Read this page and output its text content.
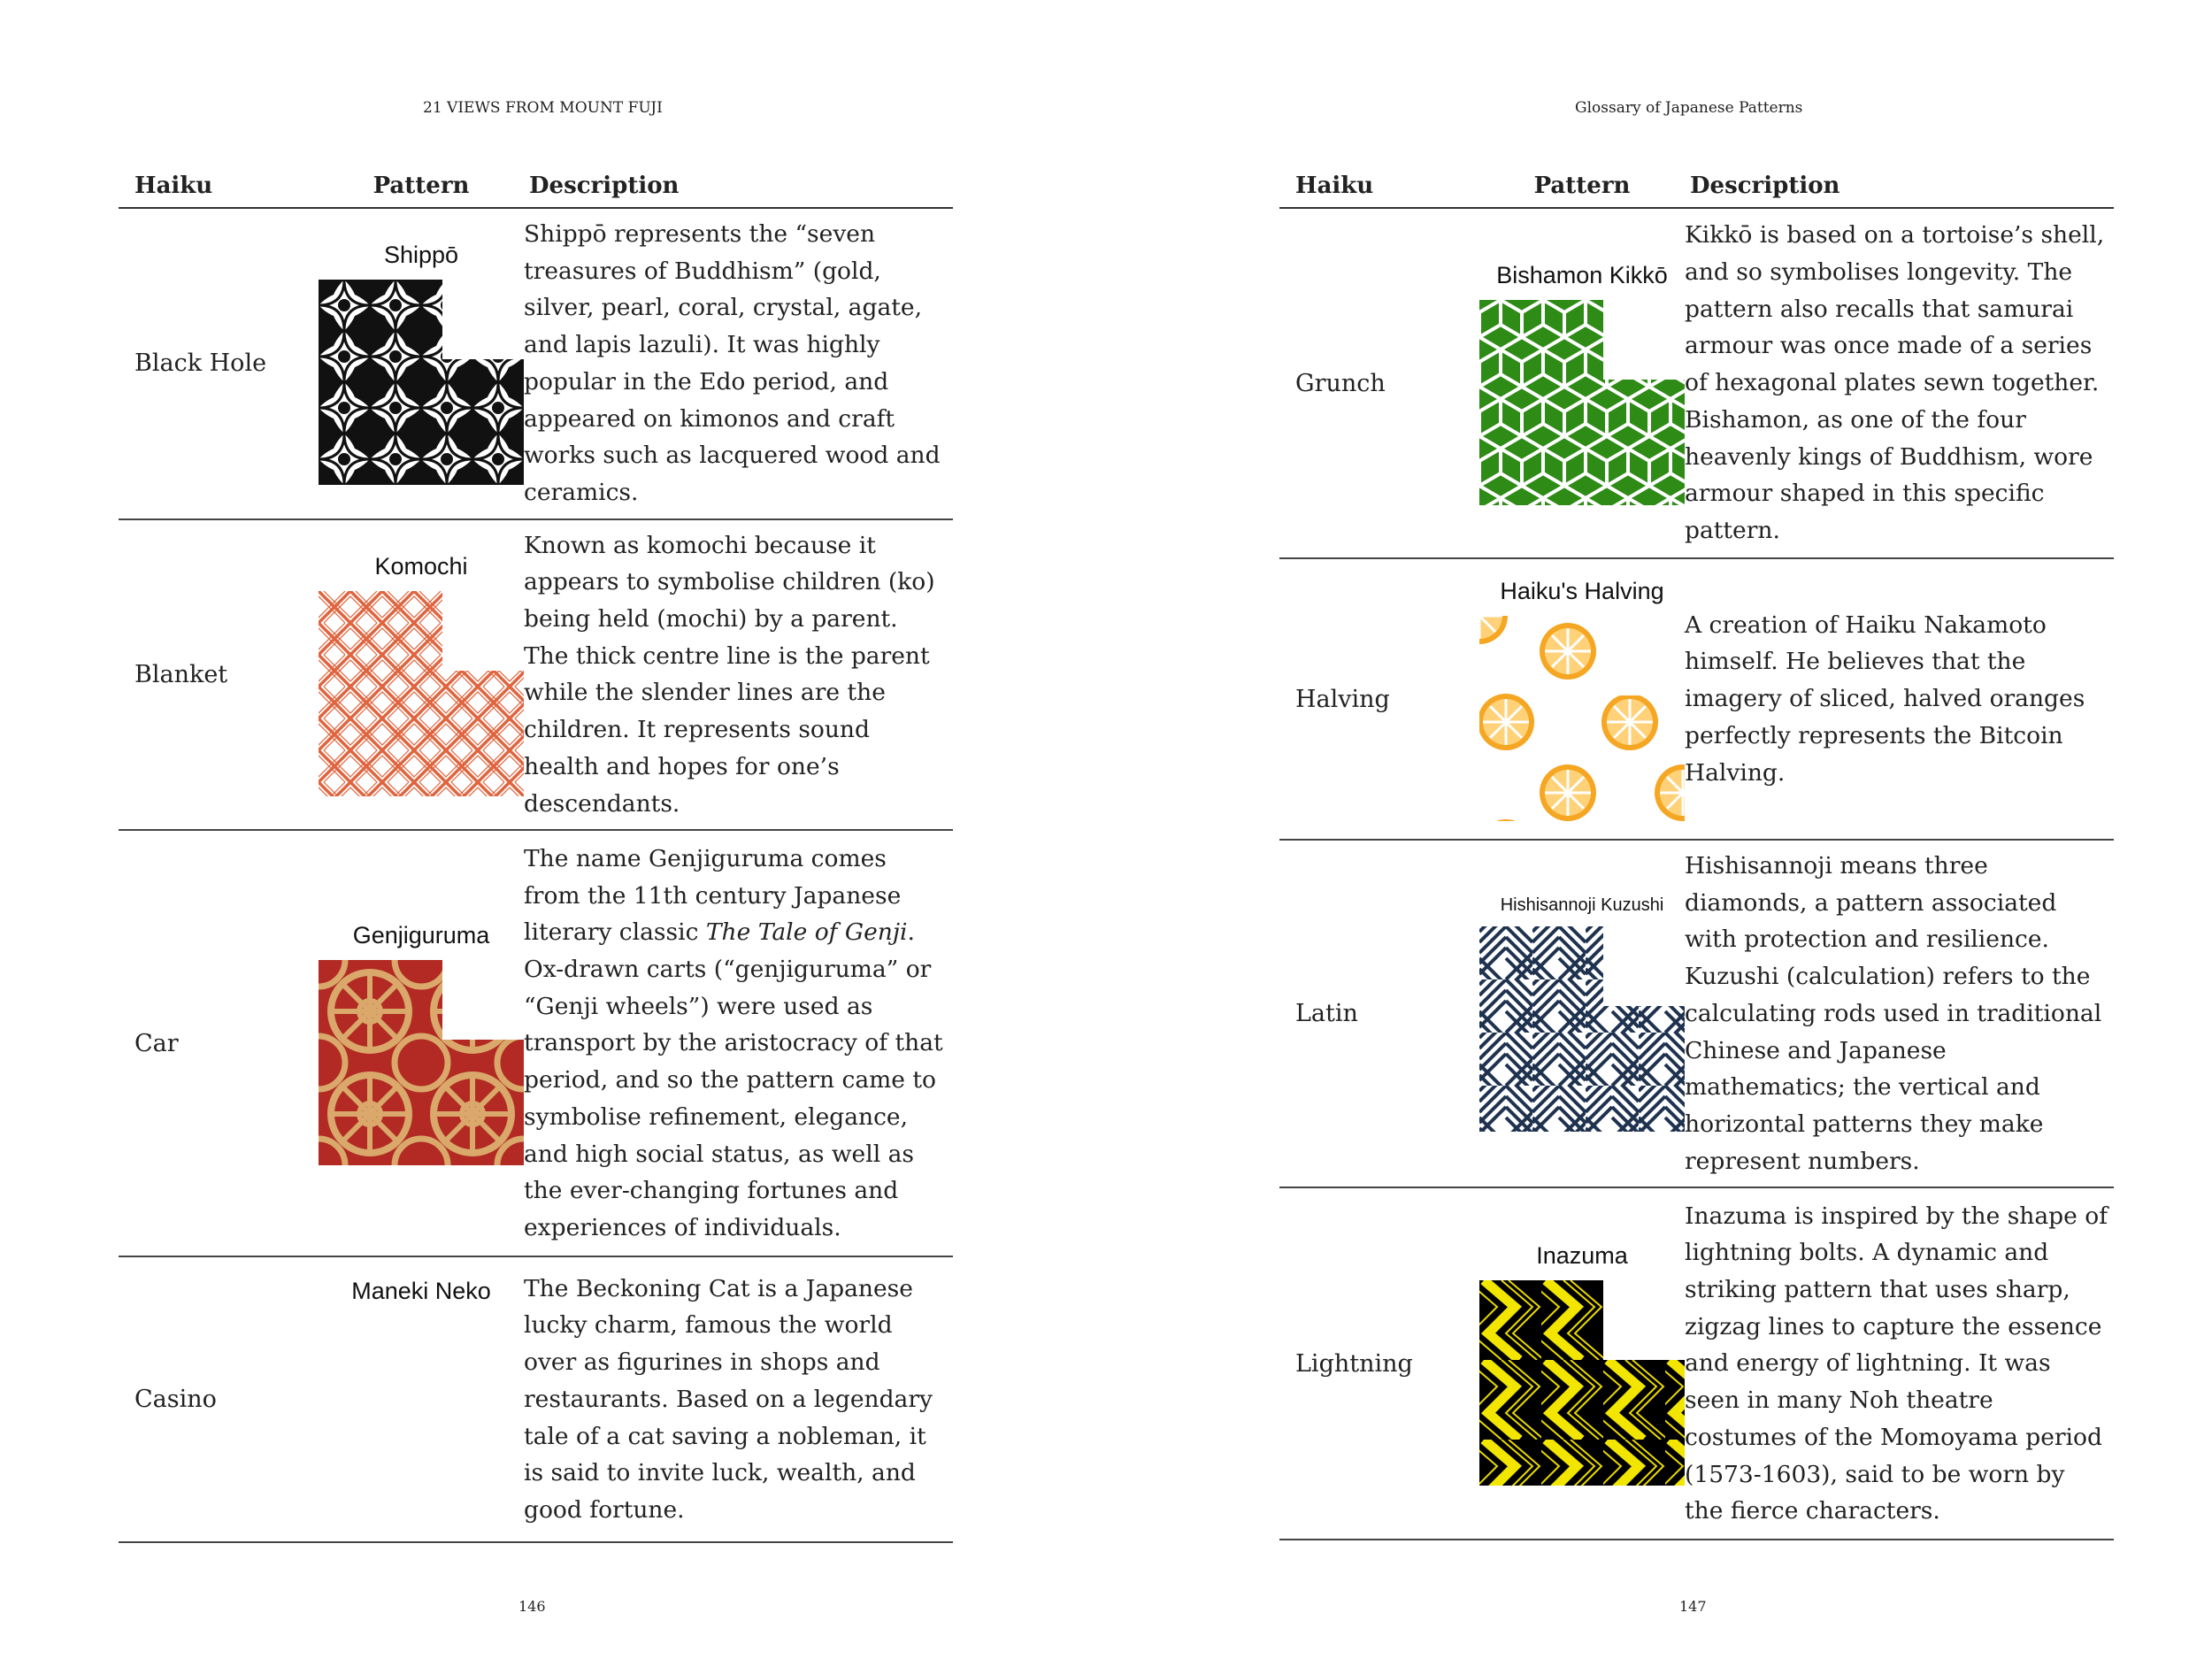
21 VIEWS FROM MOUNT FUJI
Haiku	Pattern	Description
Black Hole	Shippō	Shippō represents the “seven treasures of Buddhism” (gold, silver, pearl, coral, crystal, agate, and lapis lazuli). It was highly popular in the Edo period, and appeared on kimonos and craft works such as lacquered wood and ceramics.
Blanket	Komochi	Known as komochi because it appears to symbolise children (ko) being held (mochi) by a parent. The thick centre line is the parent while the slender lines are the children. It represents sound health and hopes for one’s descendants.
Car	Genjiguruma	The name Genjiguruma comes from the 11th century Japanese literary classic The Tale of Genji. Ox-drawn carts (“genjiguruma” or “Genji wheels”) were used as transport by the aristocracy of that period, and so the pattern came to symbolise refinement, elegance, and high social status, as well as the ever-changing fortunes and experiences of individuals.
Casino	Maneki Neko	The Beckoning Cat is a Japanese lucky charm, famous the world over as figurines in shops and restaurants. Based on a legendary tale of a cat saving a nobleman, it is said to invite luck, wealth, and good fortune.
146
Glossary of Japanese Patterns
Haiku	Pattern	Description
Grunch	Bishamon Kikkō	Kikkō is based on a tortoise’s shell, and so symbolises longevity. The pattern also recalls that samurai armour was once made of a series of hexagonal plates sewn together. Bishamon, as one of the four heavenly kings of Buddhism, wore armour shaped in this specific pattern.
Halving	Haiku's Halving	A creation of Haiku Nakamoto himself. He believes that the imagery of sliced, halved oranges perfectly represents the Bitcoin Halving.
Latin	Hishisannoji Kuzushi	Hishisannoji means three diamonds, a pattern associated with protection and resilience. Kuzushi (calculation) refers to the calculating rods used in traditional Chinese and Japanese mathematics; the vertical and horizontal patterns they make represent numbers.
Lightning	Inazuma	Inazuma is inspired by the shape of lightning bolts. A dynamic and striking pattern that uses sharp, zigzag lines to capture the essence and energy of lightning. It was seen in many Noh theatre costumes of the Momoyama period (1573-1603), said to be worn by the fierce characters.
147
